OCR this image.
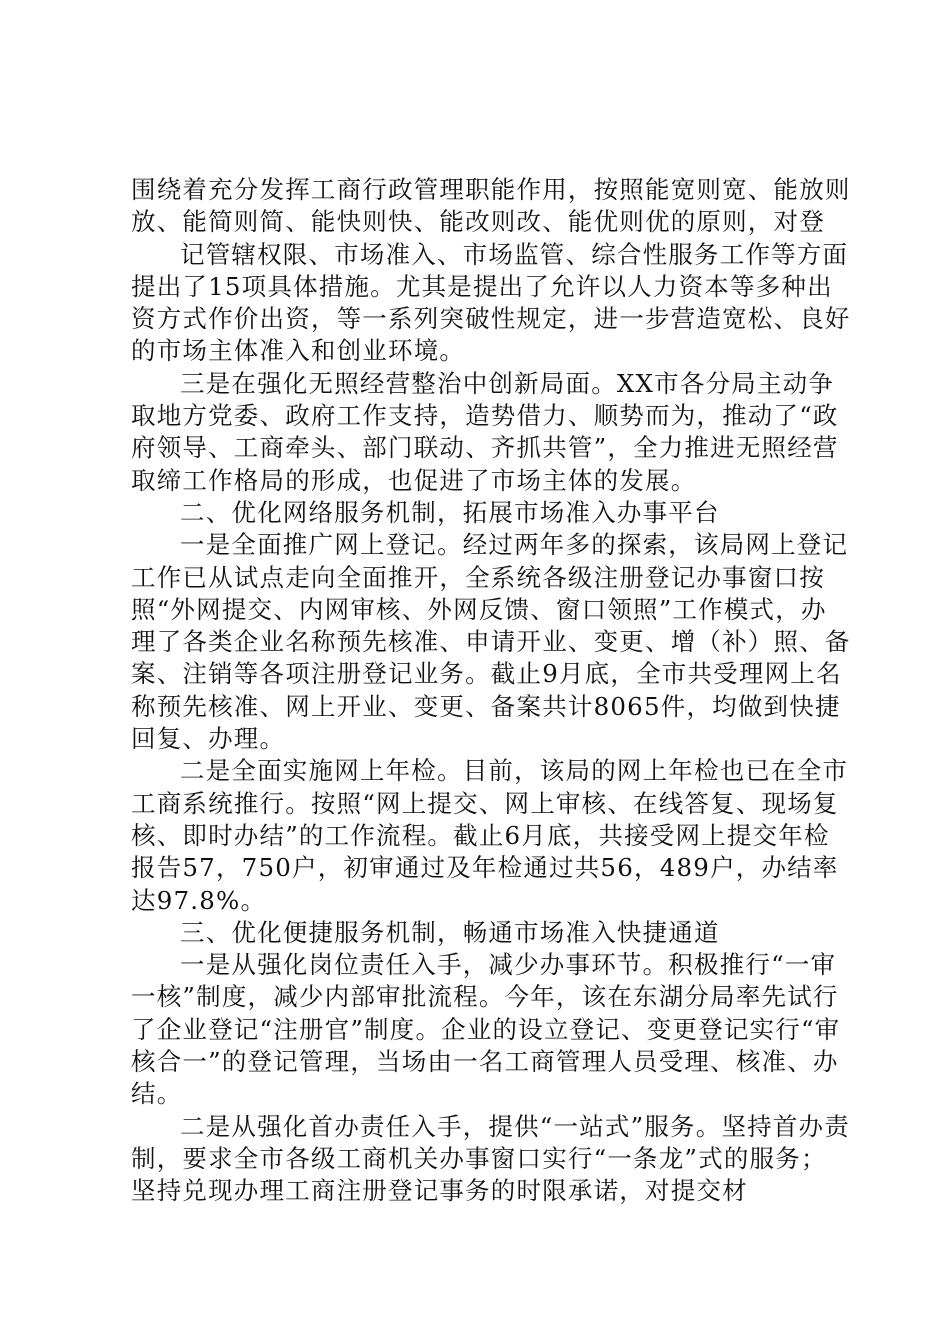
围绕着充分发挥工商行政管理职能作用，按照能宽则宽、能放则放、能简则简、能快则快、能改则改、能优则优的原则，对登

记管辖权限、市场准入、市场监管、综合性服务工作等方面提出了15项具体措施。尤其是提出了允许以人力资本等多种出资方式作价出资，等一系列突破性规定，进一步营造宽松、良好的市场主体准入和创业环境。

三是在强化无照经营整治中创新局面。XX市各分局主动争取地方党委、政府工作支持，造势借力、顺势而为，推动了“政府领导、工商牵头、部门联动、齐抓共管”，全力推进无照经营取缔工作格局的形成，也促进了市场主体的发展。

二、优化网络服务机制，拓展市场准入办事平台

一是全面推广网上登记。经过两年多的探索，该局网上登记工作已从试点走向全面推开，全系统各级注册登记办事窗口按照“外网提交、内网审核、外网反馈、窗口领照”工作模式，办理了各类企业名称预先核准、申请开业、变更、增（补）照、备案、注销等各项注册登记业务。截止9月底，全市共受理网上名称预先核准、网上开业、变更、备案共计8065件，均做到快捷回复、办理。

二是全面实施网上年检。目前，该局的网上年检也已在全市工商系统推行。按照“网上提交、网上审核、在线答复、现场复核、即时办结”的工作流程。截止6月底，共接受网上提交年检报告57，750户，初审通过及年检通过共56，489户，办结率达97.8%。

三、优化便捷服务机制，畅通市场准入快捷通道

一是从强化岗位责任入手，减少办事环节。积极推行“一审一核”制度，减少内部审批流程。今年，该在东湖分局率先试行了企业登记“注册官”制度。企业的设立登记、变更登记实行“审核合一”的登记管理，当场由一名工商管理人员受理、核准、办结。

二是从强化首办责任入手，提供“一站式”服务。坚持首办责制，要求全市各级工商机关办事窗口实行“一条龙”式的服务；坚持兑现办理工商注册登记事务的时限承诺，对提交材
